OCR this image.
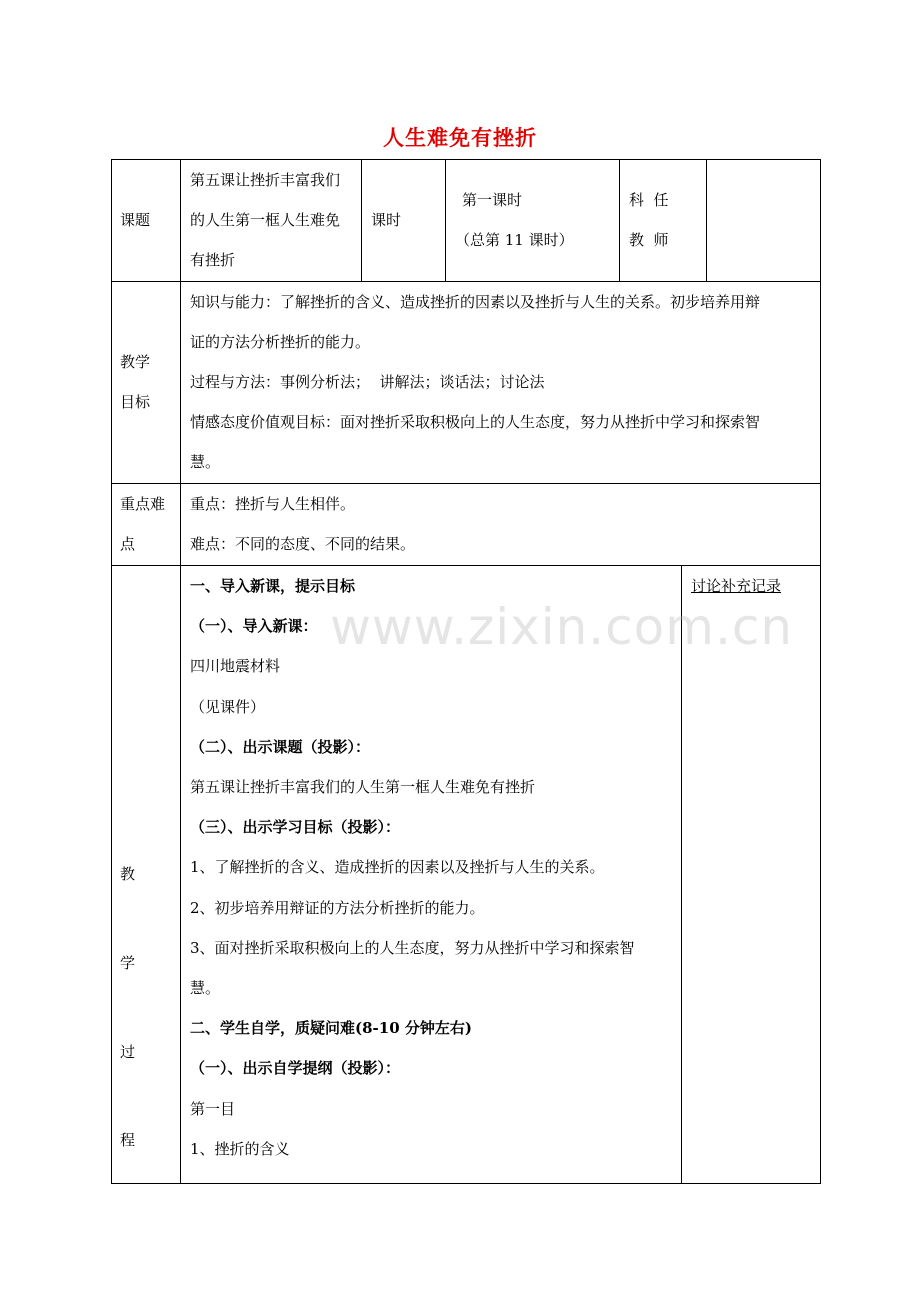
人生难免有挫折
课题
第五课让挫折丰富我们
的人生第一框人生难免
有挫折
课时
第一课时
（总第 11 课时）
科  任
教  师
教学
目标
知识与能力：了解挫折的含义、造成挫折的因素以及挫折与人生的关系。初步培养用辩
证的方法分析挫折的能力。
过程与方法：事例分析法；  讲解法；谈话法；讨论法
情感态度价值观目标：面对挫折采取积极向上的人生态度，努力从挫折中学习和探索智
慧。
重点难
点
重点：挫折与人生相伴。
难点：不同的态度、不同的结果。
教
学
过
程
讨论补充记录
www.zixin.com.cn
一、导入新课，提示目标
（一）、导入新课：
四川地震材料
（见课件）
（二）、出示课题（投影）：
第五课让挫折丰富我们的人生第一框人生难免有挫折
（三）、出示学习目标（投影）：
1、了解挫折的含义、造成挫折的因素以及挫折与人生的关系。
2、初步培养用辩证的方法分析挫折的能力。
3、面对挫折采取积极向上的人生态度，努力从挫折中学习和探索智
慧。
二、学生自学，质疑问难(8-10 分钟左右)
（一）、出示自学提纲（投影）：
第一目
1、挫折的含义
